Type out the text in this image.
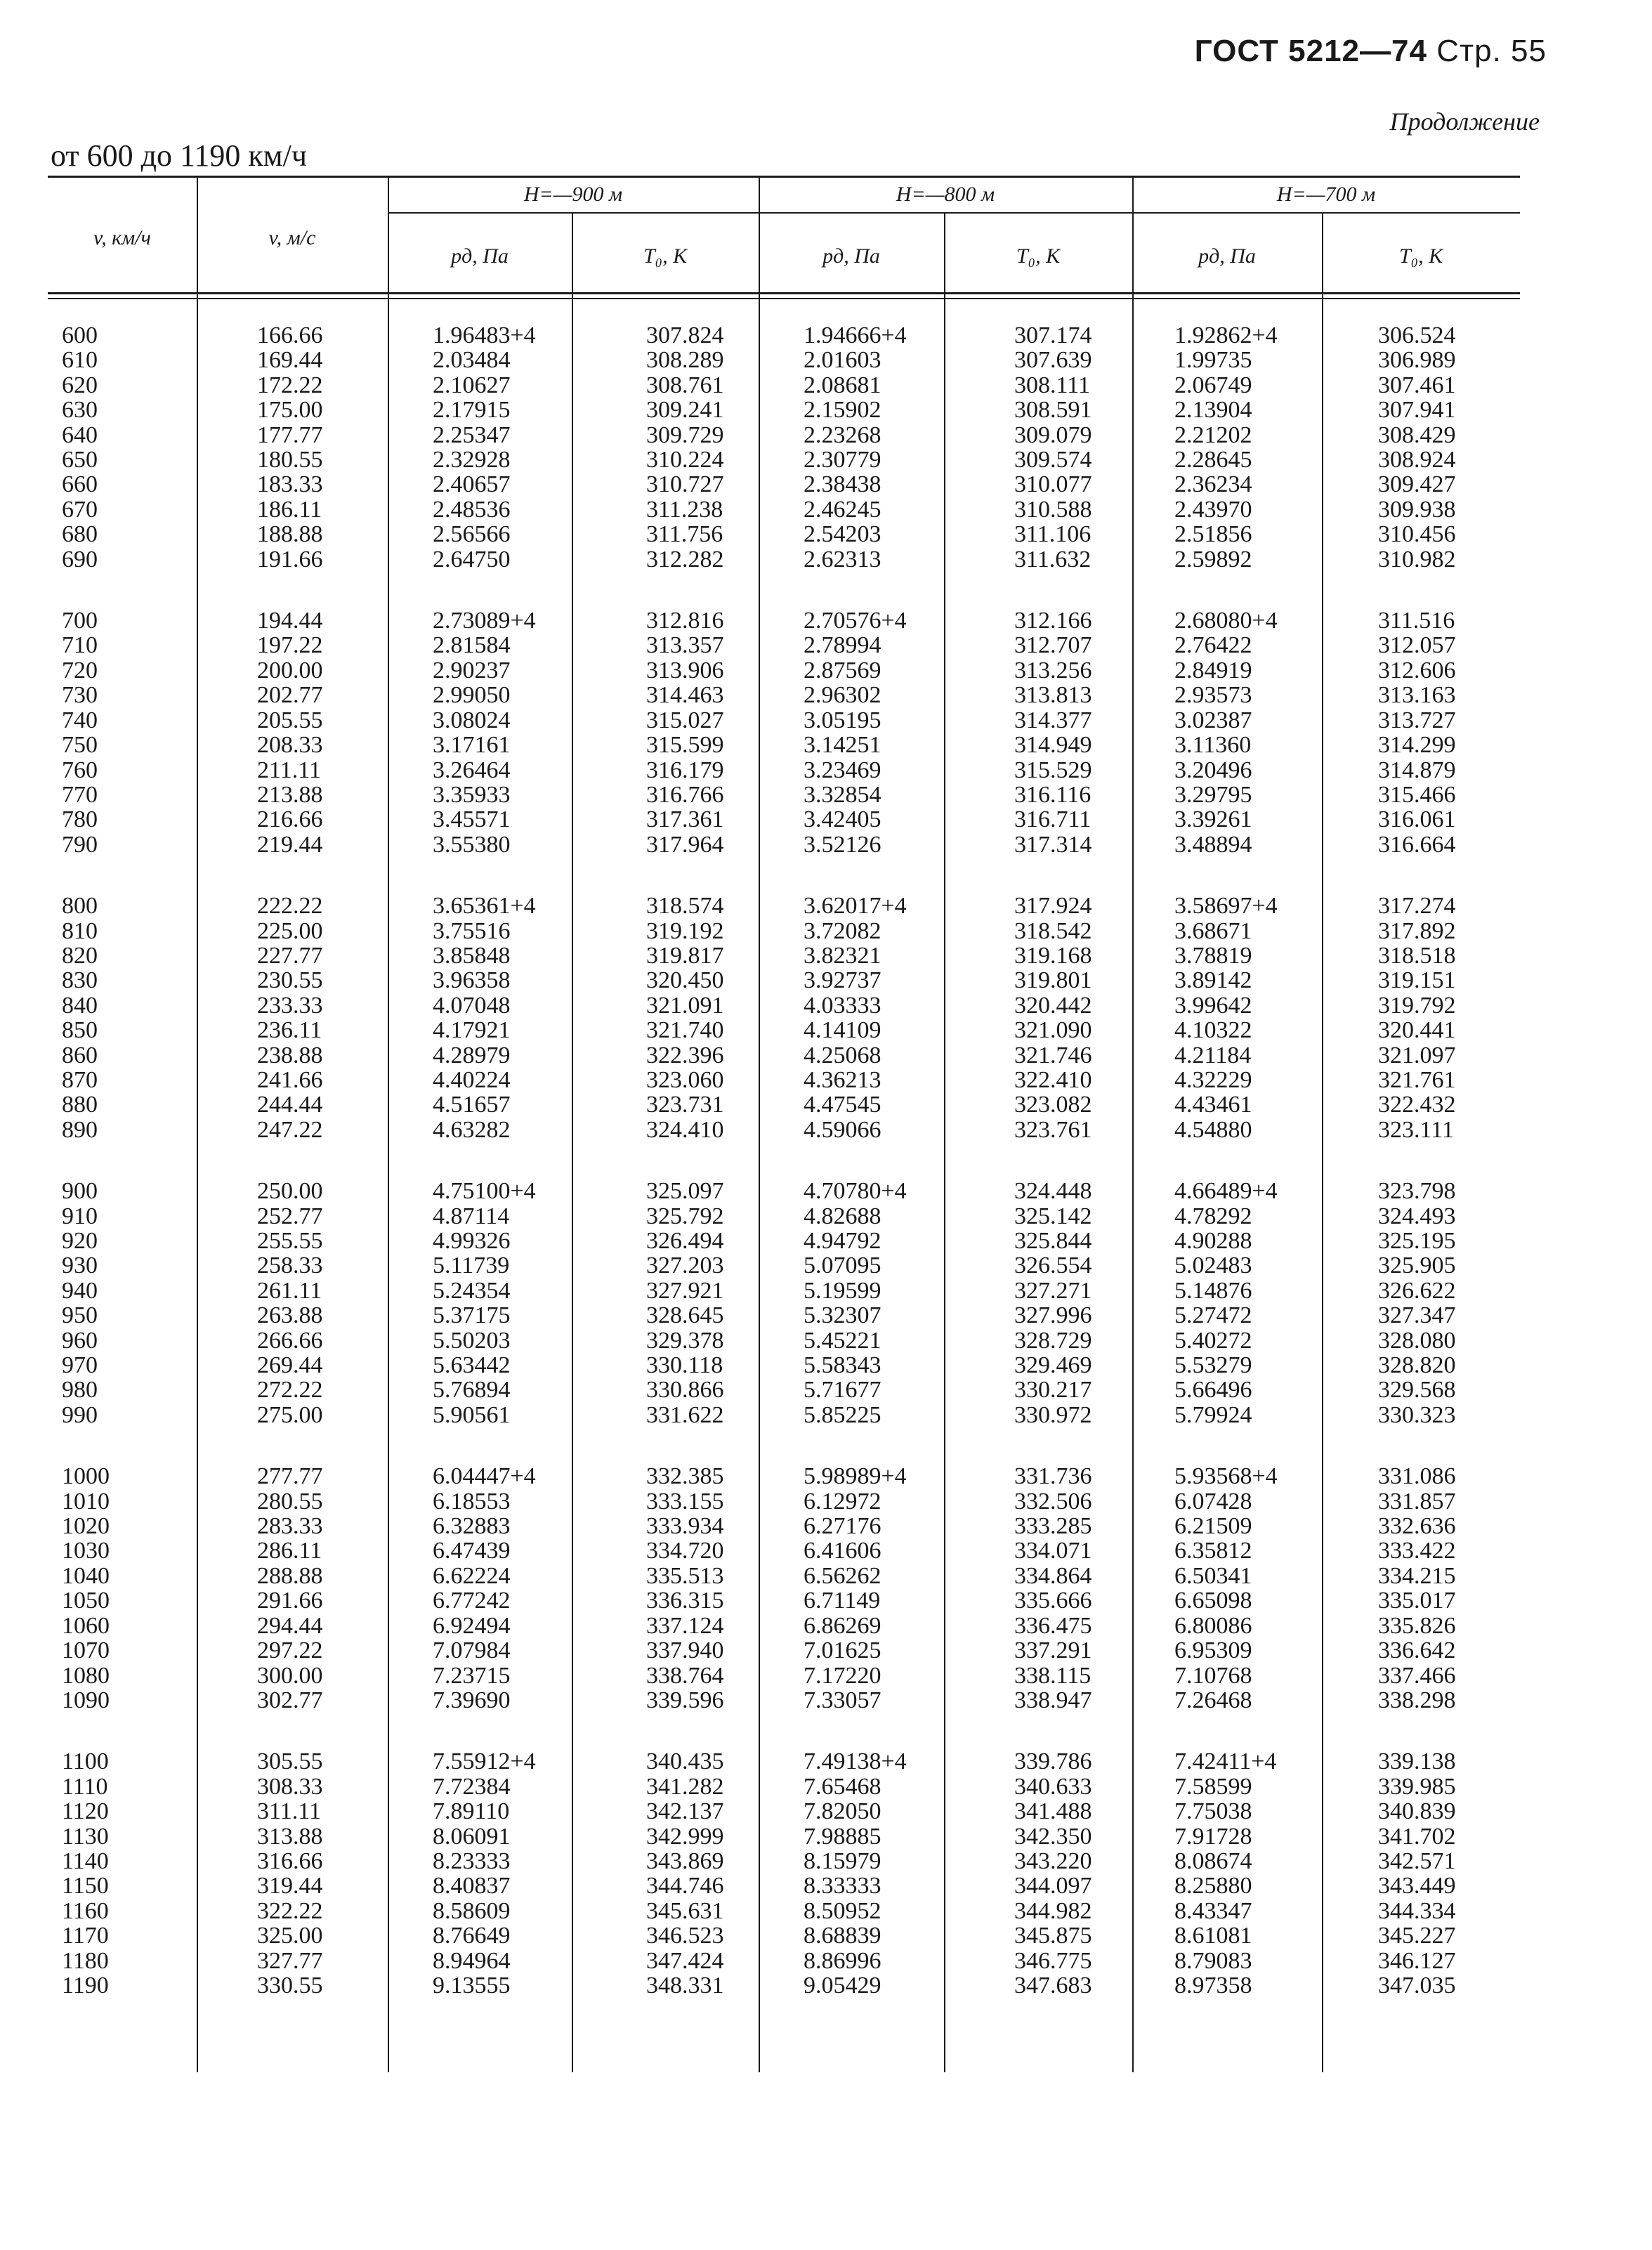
ГОСТ 5212—74 Стр. 55
Продолжение
от 600 до 1190 км/ч
v, км/ч	v, м/с
H=—900 м	H=—800 м	H=—700 м
pд, Па	T₀, К	pд, Па	T₀, К	pд, Па	T₀, К
600	166.66	1.96483+4	307.824	1.94666+4	307.174	1.92862+4	306.524
610	169.44	2.03484	308.289	2.01603	307.639	1.99735	306.989
620	172.22	2.10627	308.761	2.08681	308.111	2.06749	307.461
630	175.00	2.17915	309.241	2.15902	308.591	2.13904	307.941
640	177.77	2.25347	309.729	2.23268	309.079	2.21202	308.429
650	180.55	2.32928	310.224	2.30779	309.574	2.28645	308.924
660	183.33	2.40657	310.727	2.38438	310.077	2.36234	309.427
670	186.11	2.48536	311.238	2.46245	310.588	2.43970	309.938
680	188.88	2.56566	311.756	2.54203	311.106	2.51856	310.456
690	191.66	2.64750	312.282	2.62313	311.632	2.59892	310.982

700	194.44	2.73089+4	312.816	2.70576+4	312.166	2.68080+4	311.516
710	197.22	2.81584	313.357	2.78994	312.707	2.76422	312.057
720	200.00	2.90237	313.906	2.87569	313.256	2.84919	312.606
730	202.77	2.99050	314.463	2.96302	313.813	2.93573	313.163
740	205.55	3.08024	315.027	3.05195	314.377	3.02387	313.727
750	208.33	3.17161	315.599	3.14251	314.949	3.11360	314.299
760	211.11	3.26464	316.179	3.23469	315.529	3.20496	314.879
770	213.88	3.35933	316.766	3.32854	316.116	3.29795	315.466
780	216.66	3.45571	317.361	3.42405	316.711	3.39261	316.061
790	219.44	3.55380	317.964	3.52126	317.314	3.48894	316.664

800	222.22	3.65361+4	318.574	3.62017+4	317.924	3.58697+4	317.274
810	225.00	3.75516	319.192	3.72082	318.542	3.68671	317.892
820	227.77	3.85848	319.817	3.82321	319.168	3.78819	318.518
830	230.55	3.96358	320.450	3.92737	319.801	3.89142	319.151
840	233.33	4.07048	321.091	4.03333	320.442	3.99642	319.792
850	236.11	4.17921	321.740	4.14109	321.090	4.10322	320.441
860	238.88	4.28979	322.396	4.25068	321.746	4.21184	321.097
870	241.66	4.40224	323.060	4.36213	322.410	4.32229	321.761
880	244.44	4.51657	323.731	4.47545	323.082	4.43461	322.432
890	247.22	4.63282	324.410	4.59066	323.761	4.54880	323.111

900	250.00	4.75100+4	325.097	4.70780+4	324.448	4.66489+4	323.798
910	252.77	4.87114	325.792	4.82688	325.142	4.78292	324.493
920	255.55	4.99326	326.494	4.94792	325.844	4.90288	325.195
930	258.33	5.11739	327.203	5.07095	326.554	5.02483	325.905
940	261.11	5.24354	327.921	5.19599	327.271	5.14876	326.622
950	263.88	5.37175	328.645	5.32307	327.996	5.27472	327.347
960	266.66	5.50203	329.378	5.45221	328.729	5.40272	328.080
970	269.44	5.63442	330.118	5.58343	329.469	5.53279	328.820
980	272.22	5.76894	330.866	5.71677	330.217	5.66496	329.568
990	275.00	5.90561	331.622	5.85225	330.972	5.79924	330.323

1000	277.77	6.04447+4	332.385	5.98989+4	331.736	5.93568+4	331.086
1010	280.55	6.18553	333.155	6.12972	332.506	6.07428	331.857
1020	283.33	6.32883	333.934	6.27176	333.285	6.21509	332.636
1030	286.11	6.47439	334.720	6.41606	334.071	6.35812	333.422
1040	288.88	6.62224	335.513	6.56262	334.864	6.50341	334.215
1050	291.66	6.77242	336.315	6.71149	335.666	6.65098	335.017
1060	294.44	6.92494	337.124	6.86269	336.475	6.80086	335.826
1070	297.22	7.07984	337.940	7.01625	337.291	6.95309	336.642
1080	300.00	7.23715	338.764	7.17220	338.115	7.10768	337.466
1090	302.77	7.39690	339.596	7.33057	338.947	7.26468	338.298

1100	305.55	7.55912+4	340.435	7.49138+4	339.786	7.42411+4	339.138
1110	308.33	7.72384	341.282	7.65468	340.633	7.58599	339.985
1120	311.11	7.89110	342.137	7.82050	341.488	7.75038	340.839
1130	313.88	8.06091	342.999	7.98885	342.350	7.91728	341.702
1140	316.66	8.23333	343.869	8.15979	343.220	8.08674	342.571
1150	319.44	8.40837	344.746	8.33333	344.097	8.25880	343.449
1160	322.22	8.58609	345.631	8.50952	344.982	8.43347	344.334
1170	325.00	8.76649	346.523	8.68839	345.875	8.61081	345.227
1180	327.77	8.94964	347.424	8.86996	346.775	8.79083	346.127
1190	330.55	9.13555	348.331	9.05429	347.683	8.97358	347.035
